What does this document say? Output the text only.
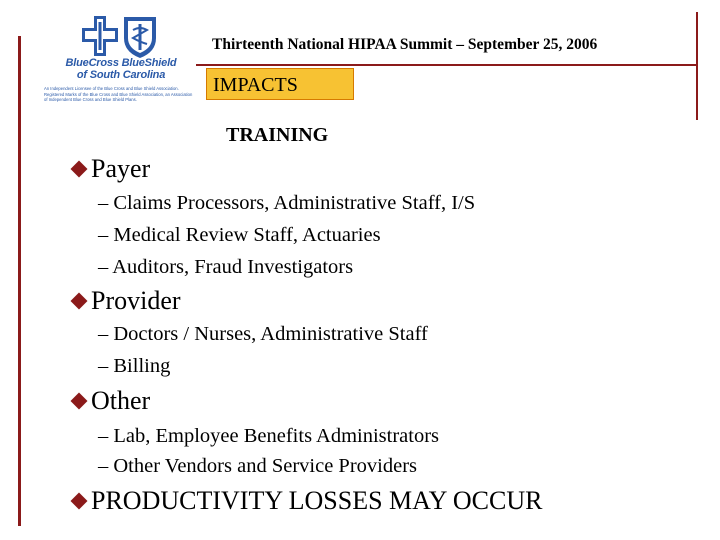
BlueCross BlueShield
of South Carolina
An Independent Licensee of the Blue Cross and Blue Shield Association. Registered Marks of the Blue Cross and Blue Shield Association, an Association of Independent Blue Cross and Blue Shield Plans.
Thirteenth National HIPAA Summit – September 25, 2006
IMPACTS
TRAINING
Payer
– Claims Processors, Administrative Staff, I/S
– Medical Review Staff, Actuaries
– Auditors, Fraud Investigators
Provider
– Doctors / Nurses, Administrative Staff
– Billing
Other
– Lab, Employee Benefits Administrators
– Other Vendors and Service Providers
PRODUCTIVITY LOSSES MAY OCCUR
